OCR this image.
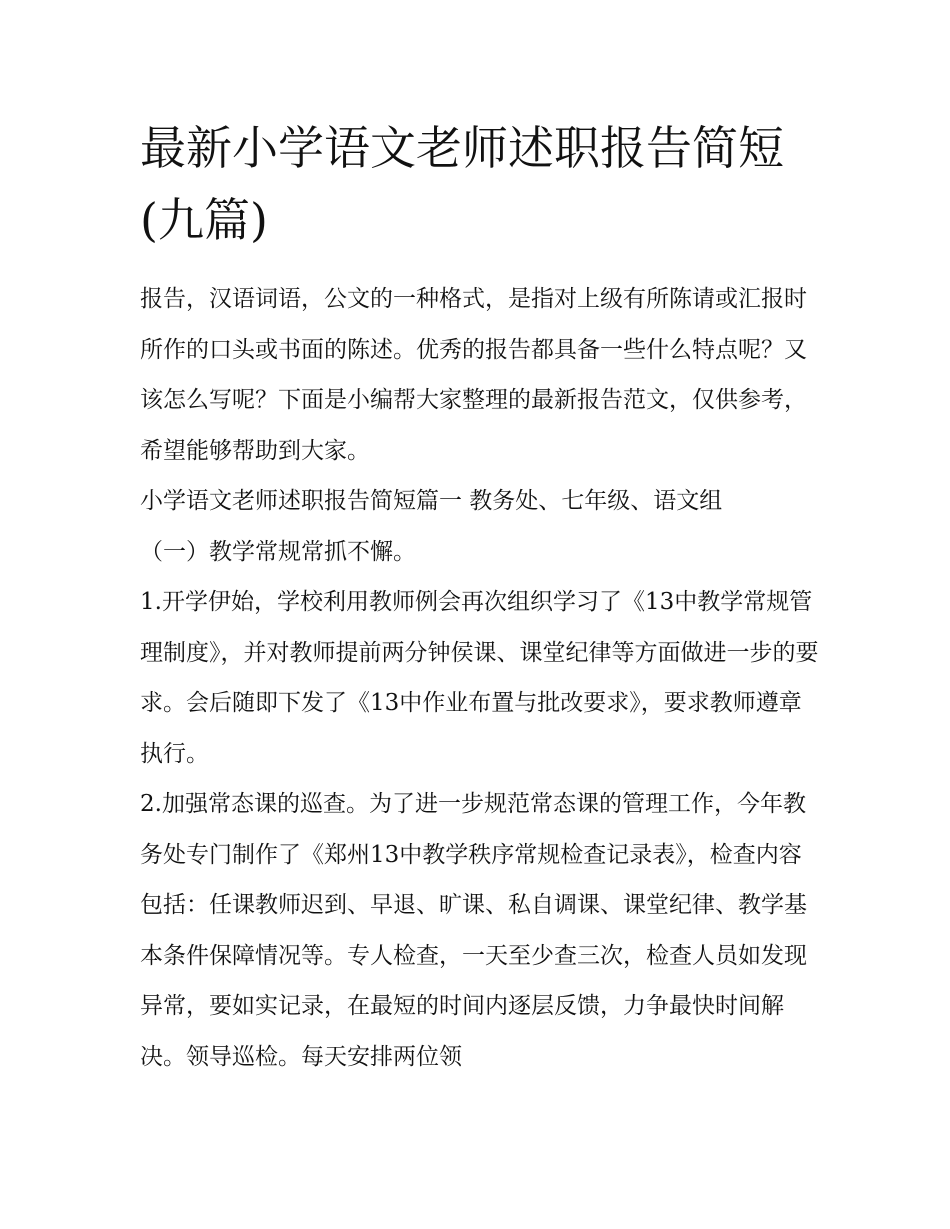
最新小学语文老师述职报告简短(九篇)

报告，汉语词语，公文的一种格式，是指对上级有所陈请或汇报时所作的口头或书面的陈述。优秀的报告都具备一些什么特点呢？又该怎么写呢？下面是小编帮大家整理的最新报告范文，仅供参考，希望能够帮助到大家。

小学语文老师述职报告简短篇一 教务处、七年级、语文组

（一）教学常规常抓不懈。

1.开学伊始，学校利用教师例会再次组织学习了《13中教学常规管理制度》，并对教师提前两分钟侯课、课堂纪律等方面做进一步的要求。会后随即下发了《13中作业布置与批改要求》，要求教师遵章执行。

2.加强常态课的巡查。为了进一步规范常态课的管理工作，今年教务处专门制作了《郑州13中教学秩序常规检查记录表》，检查内容包括：任课教师迟到、早退、旷课、私自调课、课堂纪律、教学基本条件保障情况等。专人检查，一天至少查三次，检查人员如发现异常，要如实记录，在最短的时间内逐层反馈，力争最快时间解决。领导巡检。每天安排两位领
